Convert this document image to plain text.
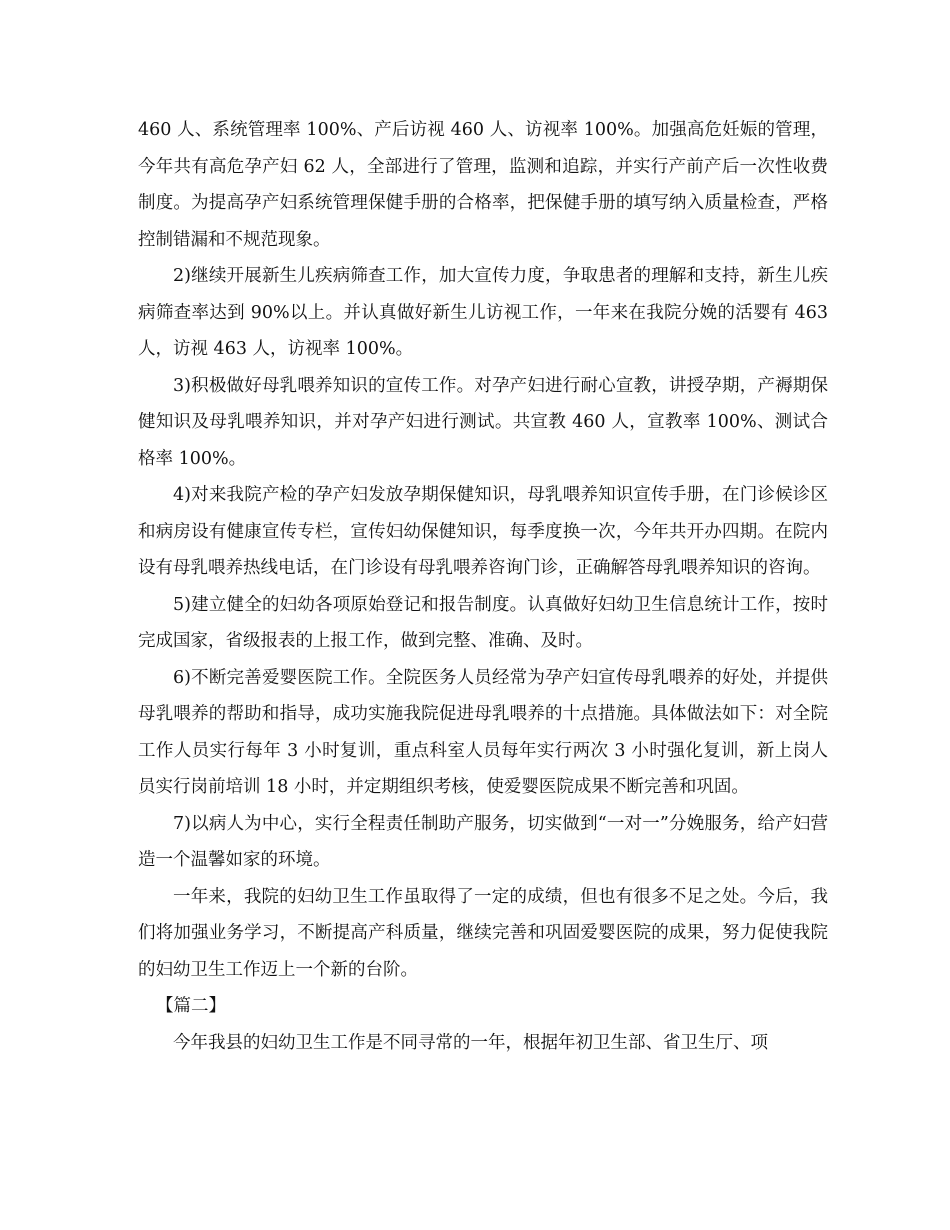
460 人、系统管理率 100%、产后访视 460 人、访视率 100%。加强高危妊娠的管理，今年共有高危孕产妇 62 人，全部进行了管理，监测和追踪，并实行产前产后一次性收费制度。为提高孕产妇系统管理保健手册的合格率，把保健手册的填写纳入质量检查，严格控制错漏和不规范现象。

2)继续开展新生儿疾病筛查工作，加大宣传力度，争取患者的理解和支持，新生儿疾病筛查率达到 90%以上。并认真做好新生儿访视工作，一年来在我院分娩的活婴有 463 人，访视 463 人，访视率 100%。

3)积极做好母乳喂养知识的宣传工作。对孕产妇进行耐心宣教，讲授孕期，产褥期保健知识及母乳喂养知识，并对孕产妇进行测试。共宣教 460 人，宣教率 100%、测试合格率 100%。

4)对来我院产检的孕产妇发放孕期保健知识，母乳喂养知识宣传手册，在门诊候诊区和病房设有健康宣传专栏，宣传妇幼保健知识，每季度换一次，今年共开办四期。在院内设有母乳喂养热线电话，在门诊设有母乳喂养咨询门诊，正确解答母乳喂养知识的咨询。

5)建立健全的妇幼各项原始登记和报告制度。认真做好妇幼卫生信息统计工作，按时完成国家，省级报表的上报工作，做到完整、准确、及时。

6)不断完善爱婴医院工作。全院医务人员经常为孕产妇宣传母乳喂养的好处，并提供母乳喂养的帮助和指导，成功实施我院促进母乳喂养的十点措施。具体做法如下：对全院工作人员实行每年 3 小时复训，重点科室人员每年实行两次 3 小时强化复训，新上岗人员实行岗前培训 18 小时，并定期组织考核，使爱婴医院成果不断完善和巩固。

7)以病人为中心，实行全程责任制助产服务，切实做到“一对一”分娩服务，给产妇营造一个温馨如家的环境。

一年来，我院的妇幼卫生工作虽取得了一定的成绩，但也有很多不足之处。今后，我们将加强业务学习，不断提高产科质量，继续完善和巩固爱婴医院的成果，努力促使我院的妇幼卫生工作迈上一个新的台阶。

【篇二】

今年我县的妇幼卫生工作是不同寻常的一年，根据年初卫生部、省卫生厅、项
